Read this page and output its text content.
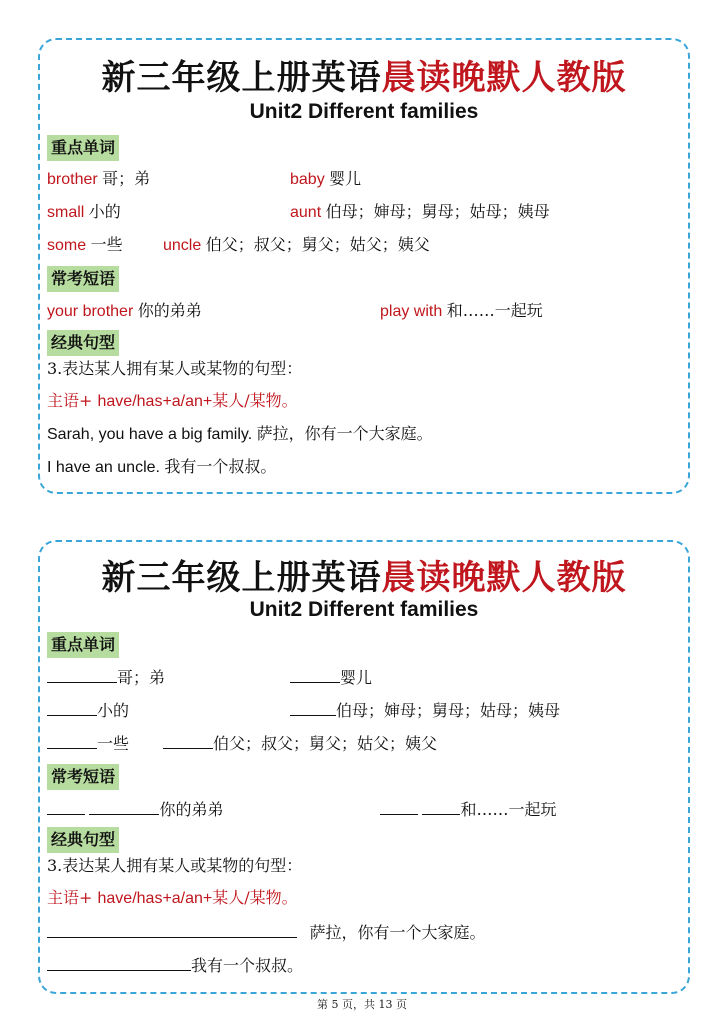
新三年级上册英语晨读晚默人教版
Unit2 Different families
重点单词
brother 哥；弟	baby 婴儿
small 小的	aunt 伯母；婶母；舅母；姑母；姨母
some 一些	uncle 伯父；叔父；舅父；姑父；姨父
常考短语
your brother 你的弟弟	play with 和……一起玩
经典句型
3.表达某人拥有某人或某物的句型：
主语+ have/has+a/an+某人/某物。
Sarah, you have a big family. 萨拉，你有一个大家庭。
I have an uncle. 我有一个叔叔。
新三年级上册英语晨读晚默人教版
Unit2 Different families
重点单词
哥；弟	婴儿
小的	伯母；婶母；舅母；姑母；姨母
一些	伯父；叔父；舅父；姑父；姨父
常考短语
你的弟弟	和……一起玩
经典句型
3.表达某人拥有某人或某物的句型：
主语+ have/has+a/an+某人/某物。
萨拉，你有一个大家庭。
我有一个叔叔。
第 5 页，共 13 页
